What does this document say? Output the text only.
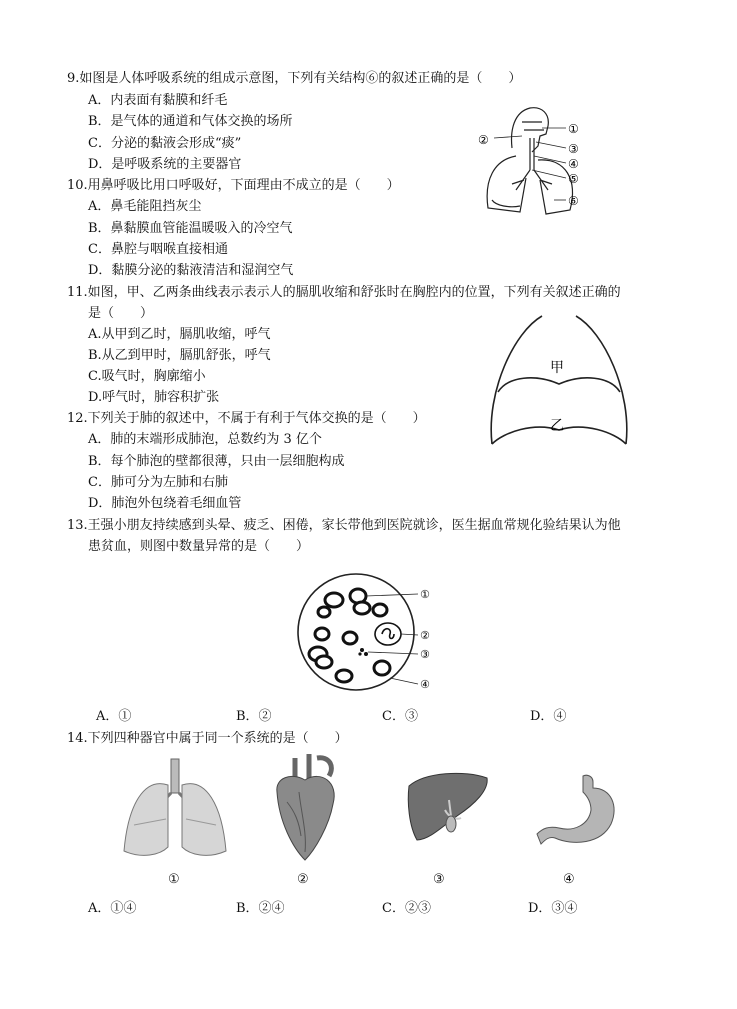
9.如图是人体呼吸系统的组成示意图，下列有关结构⑥的叙述正确的是（　　）
A．内表面有黏膜和纤毛
B．是气体的通道和气体交换的场所
C．分泌的黏液会形成“痰”
D．是呼吸系统的主要器官
①
②
③
④
⑤
⑥
10.用鼻呼吸比用口呼吸好，下面理由不成立的是（　　）
A．鼻毛能阻挡灰尘
B．鼻黏膜血管能温暖吸入的冷空气
C．鼻腔与咽喉直接相通
D．黏膜分泌的黏液清洁和湿润空气
11.如图，甲、乙两条曲线表示表示人的膈肌收缩和舒张时在胸腔内的位置，下列有关叙述正确的
是（　　）
A.从甲到乙时，膈肌收缩，呼气
B.从乙到甲时，膈肌舒张，呼气
C.吸气时，胸廓缩小
D.呼气时，肺容积扩张
甲
乙
12.下列关于肺的叙述中，不属于有利于气体交换的是（　　）
A．肺的末端形成肺泡，总数约为 3 亿个
B．每个肺泡的壁都很薄，只由一层细胞构成
C．肺可分为左肺和右肺
D．肺泡外包绕着毛细血管
13.王强小朋友持续感到头晕、疲乏、困倦，家长带他到医院就诊，医生据血常规化验结果认为他
患贫血，则图中数量异常的是（　　）
①
②
③
④
A．①	B．②	C．③	D．④
14.下列四种器官中属于同一个系统的是（　　）
①	②	③	④
A．①④	B．②④	C．②③	D．③④
